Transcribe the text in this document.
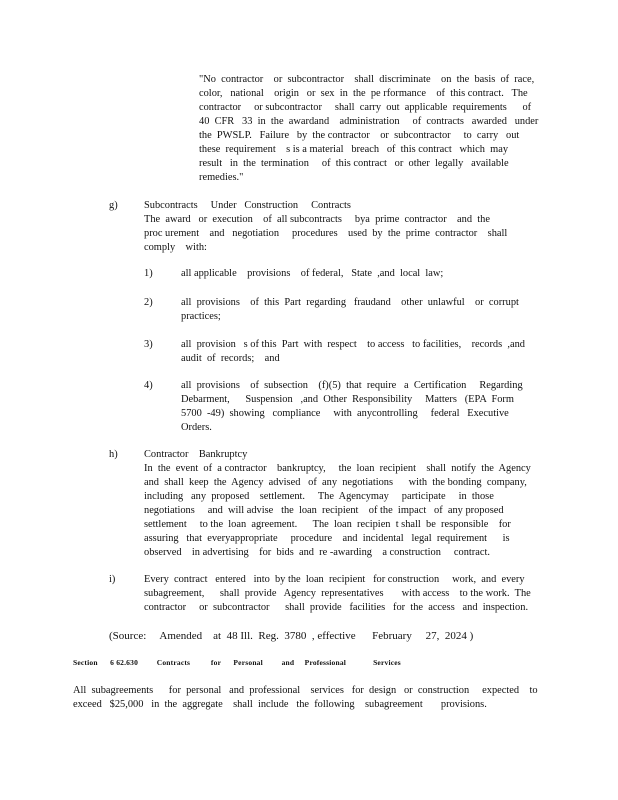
"No  contractor    or  subcontractor    shall  discriminate    on  the  basis  of  race,
color,   national    origin   or  sex  in  the  pe rformance    of  this contract.   The
contractor     or subcontractor     shall  carry  out  applicable  requirements      of
40  CFR   33  in  the  awardand    administration     of  contracts   awarded   under
the  PWSLP.   Failure   by  the contractor    or  subcontractor     to  carry   out
these  requirement    s is a material   breach   of  this contract   which  may
result   in  the  termination     of  this contract   or  other  legally   available
remedies."
g)	Subcontracts     Under   Construction     Contracts
The  award   or  execution    of  all subcontracts     bya  prime  contractor    and  the
proc urement    and   negotiation     procedures    used  by  the  prime  contractor    shall
comply    with:
1)	all applicable    provisions    of federal,   State  ,and  local  law;
2)	all  provisions    of  this  Part  regarding   fraudand    other  unlawful    or  corrupt
practices;
3)	all  provision   s of this  Part  with  respect    to access   to facilities,    records  ,and
audit  of  records;    and
4)	all  provisions    of  subsection    (f)(5)  that  require   a  Certification     Regarding
Debarment,      Suspension   ,and  Other  Responsibility     Matters   (EPA  Form
5700  -49)  showing   compliance     with  anycontrolling     federal   Executive
Orders.
h)	Contractor    Bankruptcy
In  the  event  of  a contractor    bankruptcy,     the  loan  recipient    shall  notify  the  Agency
and  shall  keep  the  Agency  advised   of  any  negotiations      with  the bonding  company,
including   any  proposed    settlement.     The  Agencymay     participate     in  those
negotiations     and  will advise   the  loan  recipient    of the  impact   of  any proposed
settlement     to the  loan  agreement.      The  loan  recipien  t shall  be  responsible    for
assuring   that  everyappropriate     procedure    and  incidental   legal  requirement      is
observed    in advertising    for  bids  and  re -awarding    a construction     contract.
i)	Every  contract   entered   into  by the  loan  recipient   for construction     work,  and  every
subagreement,      shall  provide   Agency  representatives       with access    to the work.  The
contractor     or  subcontractor      shall  provide   facilities   for  the  access   and  inspection.
(Source:     Amended    at  48 Ill.  Reg.  3780  , effective      February     27,  2024 )
Section      6 62.630         Contracts          for      Personal         and     Professional             Services
All  subagreements      for  personal   and  professional    services   for  design   or  construction     expected    to
exceed   $25,000   in  the  aggregate    shall  include   the  following    subagreement       provisions.
